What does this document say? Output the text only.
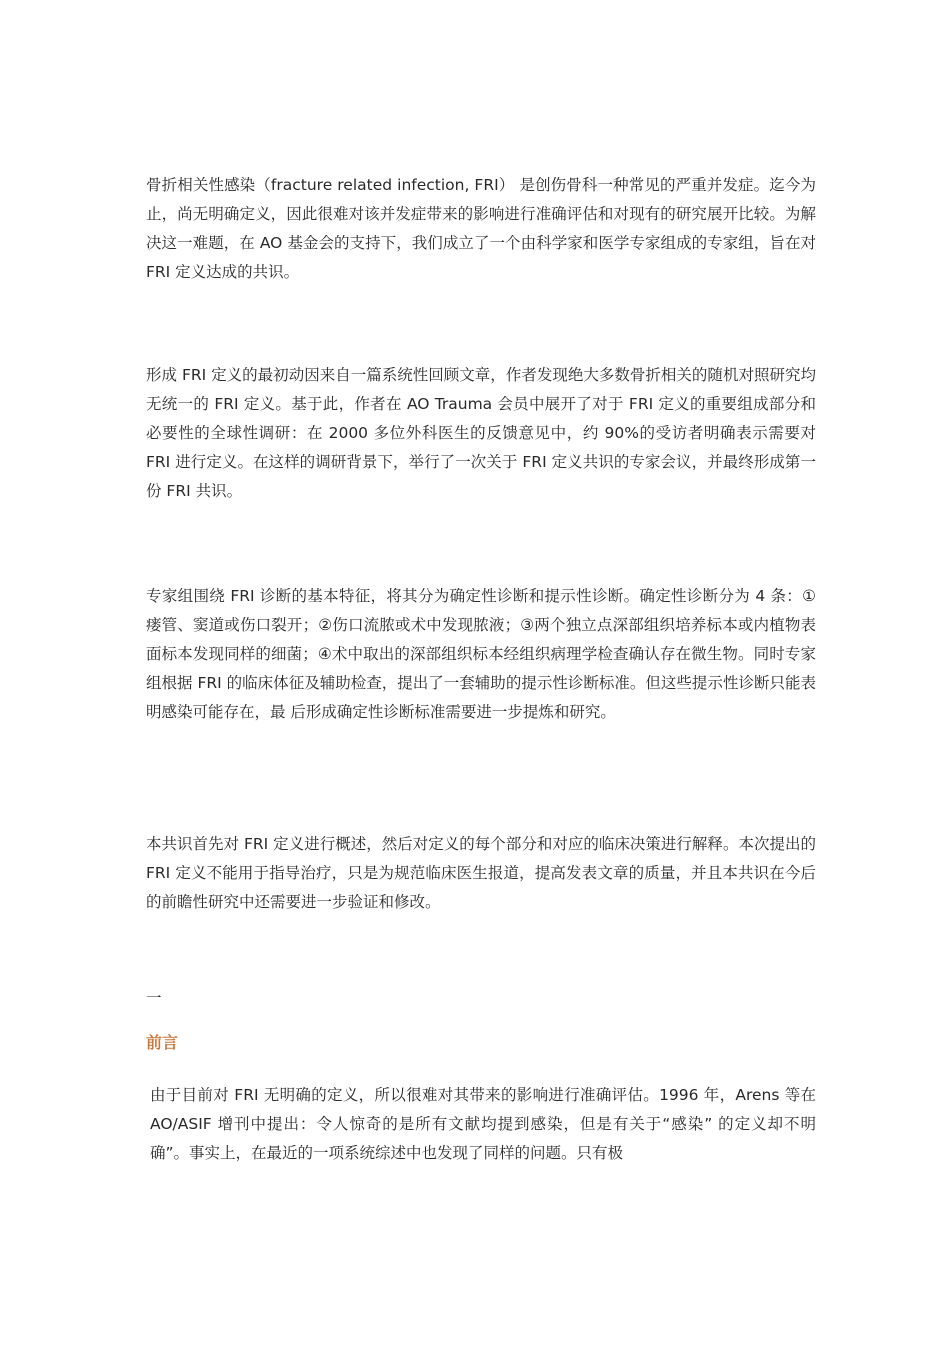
骨折相关性感染（fracture related infection, FRI） 是创伤骨科一种常见的严重并发症。迄今为止，尚无明确定义，因此很难对该并发症带来的影响进行准确评估和对现有的研究展开比较。为解决这一难题，在 AO 基金会的支持下，我们成立了一个由科学家和医学专家组成的专家组，旨在对 FRI 定义达成的共识。

形成 FRI 定义的最初动因来自一篇系统性回顾文章，作者发现绝大多数骨折相关的随机对照研究均无统一的 FRI 定义。基于此，作者在 AO Trauma 会员中展开了对于 FRI 定义的重要组成部分和必要性的全球性调研：在 2000 多位外科医生的反馈意见中，约 90%的受访者明确表示需要对 FRI 进行定义。在这样的调研背景下，举行了一次关于 FRI 定义共识的专家会议，并最终形成第一份 FRI 共识。

专家组围绕 FRI 诊断的基本特征，将其分为确定性诊断和提示性诊断。确定性诊断分为 4 条：①瘘管、窦道或伤口裂开；②伤口流脓或术中发现脓液；③两个独立点深部组织培养标本或内植物表面标本发现同样的细菌；④术中取出的深部组织标本经组织病理学检查确认存在微生物。同时专家组根据 FRI 的临床体征及辅助检查，提出了一套辅助的提示性诊断标准。但这些提示性诊断只能表明感染可能存在，最 后形成确定性诊断标准需要进一步提炼和研究。

本共识首先对 FRI 定义进行概述，然后对定义的每个部分和对应的临床决策进行解释。本次提出的 FRI 定义不能用于指导治疗，只是为规范临床医生报道，提高发表文章的质量，并且本共识在今后的前瞻性研究中还需要进一步验证和修改。

一
前言

由于目前对 FRI 无明确的定义，所以很难对其带来的影响进行准确评估。1996 年，Arens 等在 AO/ASIF 增刊中提出：令人惊奇的是所有文献均提到感染，但是有关于“感染” 的定义却不明确”。事实上，在最近的一项系统综述中也发现了同样的问题。只有极
